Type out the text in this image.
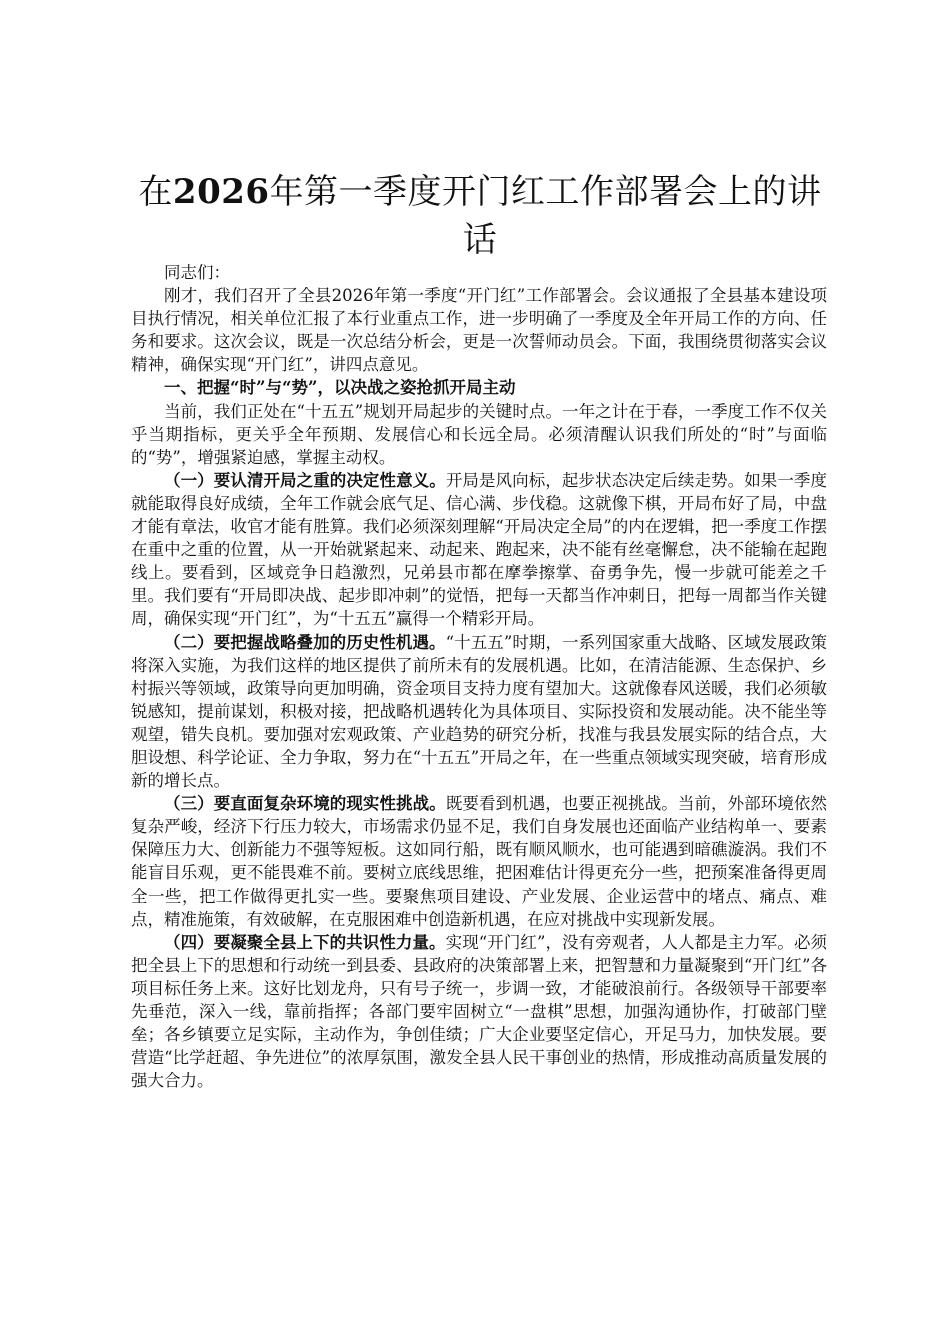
在2026年第一季度开门红工作部署会上的讲话

同志们：

刚才，我们召开了全县2026年第一季度“开门红”工作部署会。会议通报了全县基本建设项目执行情况，相关单位汇报了本行业重点工作，进一步明确了一季度及全年开局工作的方向、任务和要求。这次会议，既是一次总结分析会，更是一次誓师动员会。下面，我围绕贯彻落实会议精神，确保实现“开门红”，讲四点意见。

一、把握“时”与“势”，以决战之姿抢抓开局主动

当前，我们正处在“十五五”规划开局起步的关键时点。一年之计在于春，一季度工作不仅关乎当期指标，更关乎全年预期、发展信心和长远全局。必须清醒认识我们所处的“时”与面临的“势”，增强紧迫感，掌握主动权。

（一）要认清开局之重的决定性意义。开局是风向标，起步状态决定后续走势。如果一季度就能取得良好成绩，全年工作就会底气足、信心满、步伐稳。这就像下棋，开局布好了局，中盘才能有章法，收官才能有胜算。我们必须深刻理解“开局决定全局”的内在逻辑，把一季度工作摆在重中之重的位置，从一开始就紧起来、动起来、跑起来，决不能有丝毫懈怠，决不能输在起跑线上。要看到，区域竞争日趋激烈，兄弟县市都在摩拳擦掌、奋勇争先，慢一步就可能差之千里。我们要有“开局即决战、起步即冲刺”的觉悟，把每一天都当作冲刺日，把每一周都当作关键周，确保实现“开门红”，为“十五五”赢得一个精彩开局。

（二）要把握战略叠加的历史性机遇。“十五五”时期，一系列国家重大战略、区域发展政策将深入实施，为我们这样的地区提供了前所未有的发展机遇。比如，在清洁能源、生态保护、乡村振兴等领域，政策导向更加明确，资金项目支持力度有望加大。这就像春风送暖，我们必须敏锐感知，提前谋划，积极对接，把战略机遇转化为具体项目、实际投资和发展动能。决不能坐等观望，错失良机。要加强对宏观政策、产业趋势的研究分析，找准与我县发展实际的结合点，大胆设想、科学论证、全力争取，努力在“十五五”开局之年，在一些重点领域实现突破，培育形成新的增长点。

（三）要直面复杂环境的现实性挑战。既要看到机遇，也要正视挑战。当前，外部环境依然复杂严峻，经济下行压力较大，市场需求仍显不足，我们自身发展也还面临产业结构单一、要素保障压力大、创新能力不强等短板。这如同行船，既有顺风顺水，也可能遇到暗礁漩涡。我们不能盲目乐观，更不能畏难不前。要树立底线思维，把困难估计得更充分一些，把预案准备得更周全一些，把工作做得更扎实一些。要聚焦项目建设、产业发展、企业运营中的堵点、痛点、难点，精准施策，有效破解，在克服困难中创造新机遇，在应对挑战中实现新发展。

（四）要凝聚全县上下的共识性力量。实现“开门红”，没有旁观者，人人都是主力军。必须把全县上下的思想和行动统一到县委、县政府的决策部署上来，把智慧和力量凝聚到“开门红”各项目标任务上来。这好比划龙舟，只有号子统一，步调一致，才能破浪前行。各级领导干部要率先垂范，深入一线，靠前指挥；各部门要牢固树立“一盘棋”思想，加强沟通协作，打破部门壁垒；各乡镇要立足实际，主动作为，争创佳绩；广大企业要坚定信心，开足马力，加快发展。要营造“比学赶超、争先进位”的浓厚氛围，激发全县人民干事创业的热情，形成推动高质量发展的强大合力。
